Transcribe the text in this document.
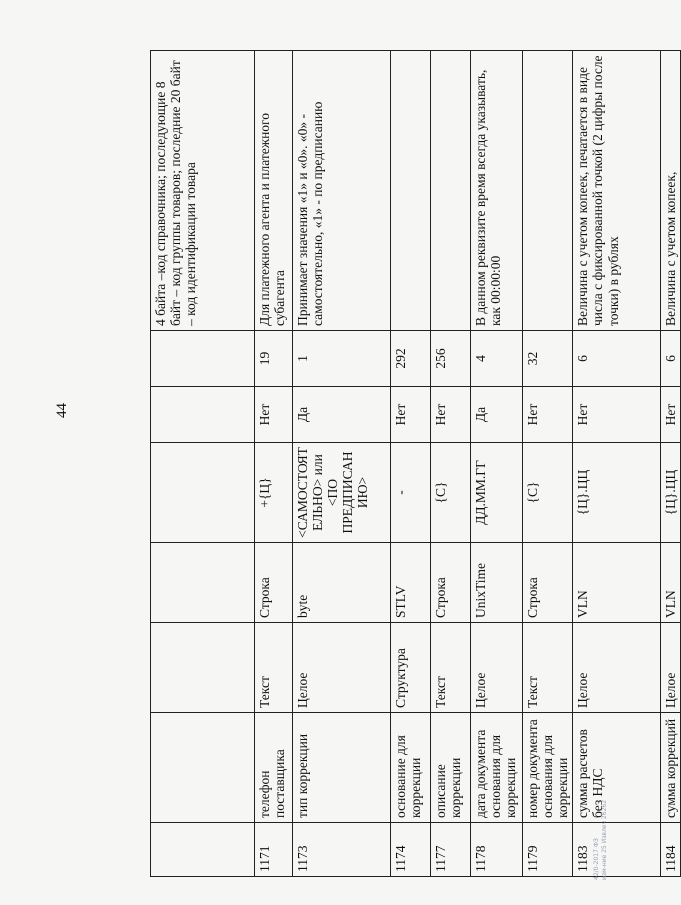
44
							4 байта –код справочника; последующие 8 байт – код группы товаров; последние 20 байт – код идентификации товара
1171	телефон поставщика	Текст	Строка	+{Ц}	Нет	19	Для платежного агента и платежного субагента
1173	тип коррекции	Целое	byte	<САМОСТОЯТЕЛЬНО> или <ПО ПРЕДПИСАНИЮ>	Да	1	Принимает значения «1» и «0». «0» - самостоятельно, «1» - по предписанию
1174	основание для коррекции	Структура	STLV	-	Нет	292	
1177	описание коррекции	Текст	Строка	{С}	Нет	256	
1178	дата документа основания для коррекции	Целое	UnixTime	ДД.ММ.ГГ	Да	4	В данном реквизите время всегда указывать, как 00:00:00
1179	номер документа основания для коррекции	Текст	Строка	{С}	Нет	32	
1183	сумма расчетов без НДС	Целое	VLN	{Ц}.ЦЦ	Нет	6	Величина с учетом копеек, печатается в виде числа с фиксированной точкой (2 цифры после точки) в рублях
1184	сумма коррекций	Целое	VLN	{Ц}.ЦЦ	Нет	6	Величина с учетом копеек,
42/0-2017 ФЗ изм-ние 25 Извлеч 26262
